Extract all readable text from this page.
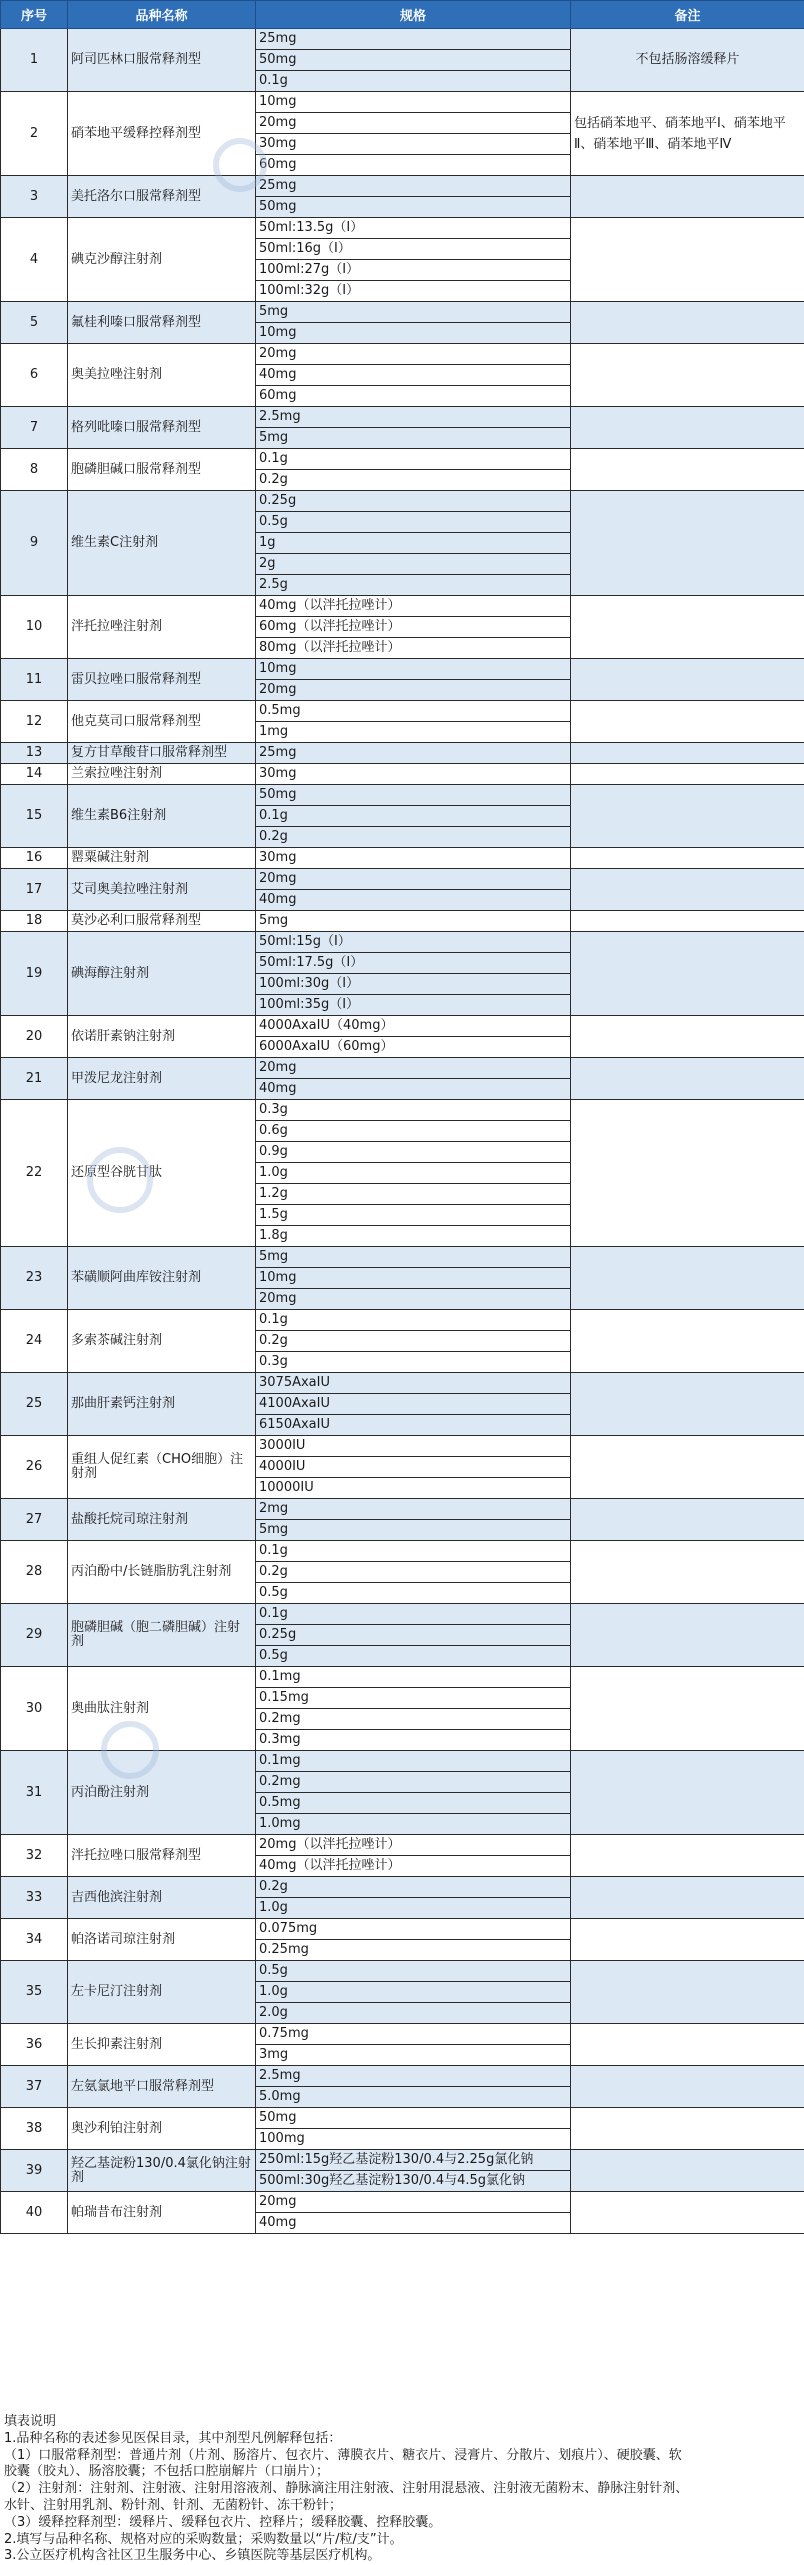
序号	品种名称	规格	备注
1	阿司匹林口服常释剂型	25mg	不包括肠溶缓释片
		50mg	
		0.1g	
2	硝苯地平缓释控释剂型	10mg	包括硝苯地平、硝苯地平Ⅰ、硝苯地平Ⅱ、硝苯地平Ⅲ、硝苯地平Ⅳ
		20mg	
		30mg	
		60mg	
3	美托洛尔口服常释剂型	25mg	
		50mg	
4	碘克沙醇注射剂	50ml:13.5g（Ⅰ）	
		50ml:16g（Ⅰ）	
		100ml:27g（Ⅰ）	
		100ml:32g（Ⅰ）	
5	氟桂利嗪口服常释剂型	5mg	
		10mg	
6	奥美拉唑注射剂	20mg	
		40mg	
		60mg	
7	格列吡嗪口服常释剂型	2.5mg	
		5mg	
8	胞磷胆碱口服常释剂型	0.1g	
		0.2g	
9	维生素C注射剂	0.25g	
		0.5g	
		1g	
		2g	
		2.5g	
10	泮托拉唑注射剂	40mg（以泮托拉唑计）	
		60mg（以泮托拉唑计）	
		80mg（以泮托拉唑计）	
11	雷贝拉唑口服常释剂型	10mg	
		20mg	
12	他克莫司口服常释剂型	0.5mg	
		1mg	
13	复方甘草酸苷口服常释剂型	25mg	
14	兰索拉唑注射剂	30mg	
15	维生素B6注射剂	50mg	
		0.1g	
		0.2g	
16	罂粟碱注射剂	30mg	
17	艾司奥美拉唑注射剂	20mg	
		40mg	
18	莫沙必利口服常释剂型	5mg	
19	碘海醇注射剂	50ml:15g（Ⅰ）	
		50ml:17.5g（Ⅰ）	
		100ml:30g（Ⅰ）	
		100ml:35g（Ⅰ）	
20	依诺肝素钠注射剂	4000AxaIU（40mg）	
		6000AxaIU（60mg）	
21	甲泼尼龙注射剂	20mg	
		40mg	
22	还原型谷胱甘肽	0.3g	
		0.6g	
		0.9g	
		1.0g	
		1.2g	
		1.5g	
		1.8g	
23	苯磺顺阿曲库铵注射剂	5mg	
		10mg	
		20mg	
24	多索茶碱注射剂	0.1g	
		0.2g	
		0.3g	
25	那曲肝素钙注射剂	3075AxaIU	
		4100AxaIU	
		6150AxaIU	
26	重组人促红素（CHO细胞）注射剂	3000IU	
		4000IU	
		10000IU	
27	盐酸托烷司琼注射剂	2mg	
		5mg	
28	丙泊酚中/长链脂肪乳注射剂	0.1g	
		0.2g	
		0.5g	
29	胞磷胆碱（胞二磷胆碱）注射剂	0.1g	
		0.25g	
		0.5g	
30	奥曲肽注射剂	0.1mg	
		0.15mg	
		0.2mg	
		0.3mg	
31	丙泊酚注射剂	0.1mg	
		0.2mg	
		0.5mg	
		1.0mg	
32	泮托拉唑口服常释剂型	20mg（以泮托拉唑计）	
		40mg（以泮托拉唑计）	
33	吉西他滨注射剂	0.2g	
		1.0g	
34	帕洛诺司琼注射剂	0.075mg	
		0.25mg	
35	左卡尼汀注射剂	0.5g	
		1.0g	
		2.0g	
36	生长抑素注射剂	0.75mg	
		3mg	
37	左氨氯地平口服常释剂型	2.5mg	
		5.0mg	
38	奥沙利铂注射剂	50mg	
		100mg	
39	羟乙基淀粉130/0.4氯化钠注射剂	250ml:15g羟乙基淀粉130/0.4与2.25g氯化钠	
		500ml:30g羟乙基淀粉130/0.4与4.5g氯化钠	
40	帕瑞昔布注射剂	20mg	
		40mg	
填表说明
1.品种名称的表述参见医保目录，其中剂型凡例解释包括：
（1）口服常释剂型：普通片剂（片剂、肠溶片、包衣片、薄膜衣片、糖衣片、浸膏片、分散片、划痕片）、硬胶囊、软
胶囊（胶丸）、肠溶胶囊；不包括口腔崩解片（口崩片）；
（2）注射剂：注射剂、注射液、注射用溶液剂、静脉滴注用注射液、注射用混悬液、注射液无菌粉末、静脉注射针剂、
水针、注射用乳剂、粉针剂、针剂、无菌粉针、冻干粉针；
（3）缓释控释剂型：缓释片、缓释包衣片、控释片；缓释胶囊、控释胶囊。
2.填写与品种名称、规格对应的采购数量；采购数量以“片/粒/支”计。
3.公立医疗机构含社区卫生服务中心、乡镇医院等基层医疗机构。
